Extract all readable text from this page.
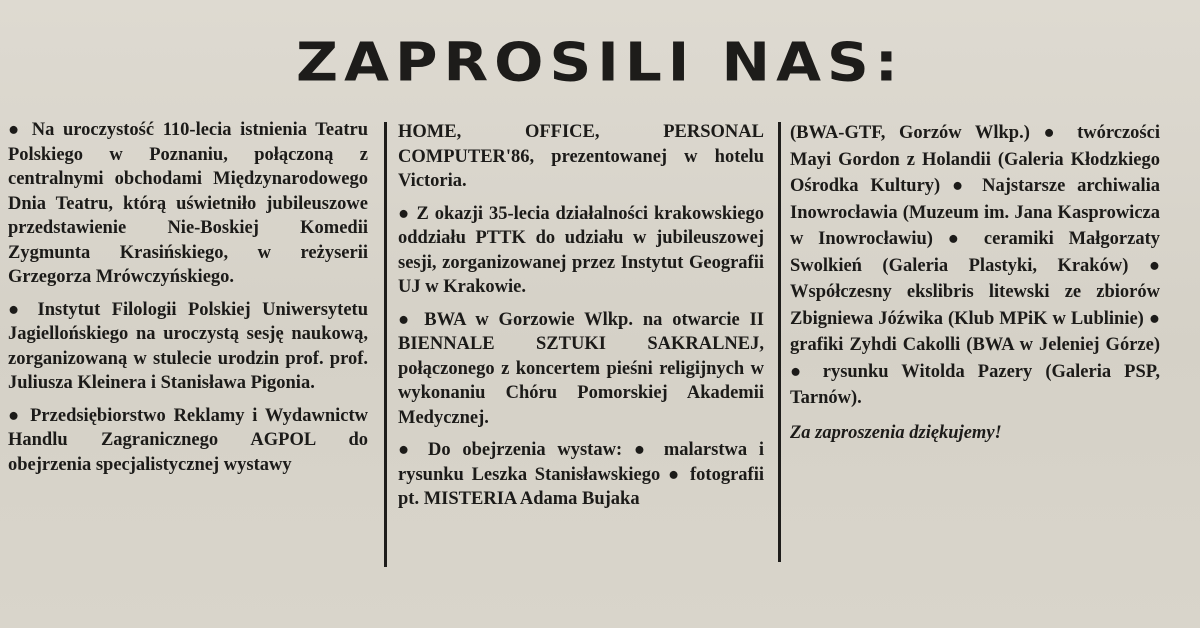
ZAPROSILI NAS:

● Na uroczystość 110-lecia istnienia Teatru Polskiego w Poznaniu, połączoną z centralnymi obchodami Międzynarodowego Dnia Teatru, którą uświetniło jubileuszowe przedstawienie Nie-Boskiej Komedii Zygmunta Krasińskiego, w reżyserii Grzegorza Mrówczyńskiego.

● Instytut Filologii Polskiej Uniwersytetu Jagiellońskiego na uroczystą sesję naukową, zorganizowaną w stulecie urodzin prof. prof. Juliusza Kleinera i Stanisława Pigonia.

● Przedsiębiorstwo Reklamy i Wydawnictw Handlu Zagranicznego AGPOL do obejrzenia specjalistycznej wystawy

HOME, OFFICE, PERSONAL COMPUTER'86, prezentowanej w hotelu Victoria.

● Z okazji 35-lecia działalności krakowskiego oddziału PTTK do udziału w jubileuszowej sesji, zorganizowanej przez Instytut Geografii UJ w Krakowie.

● BWA w Gorzowie Wlkp. na otwarcie II BIENNALE SZTUKI SAKRALNEJ, połączonego z koncertem pieśni religijnych w wykonaniu Chóru Pomorskiej Akademii Medycznej.

● Do obejrzenia wystaw: ● malarstwa i rysunku Leszka Stanisławskiego ● fotografii pt. MISTERIA Adama Bujaka

(BWA-GTF, Gorzów Wlkp.) ● twórczości Mayi Gordon z Holandii (Galeria Kłodzkiego Ośrodka Kultury) ● Najstarsze archiwalia Inowrocławia (Muzeum im. Jana Kasprowicza w Inowrocławiu) ● ceramiki Małgorzaty Swolkień (Galeria Plastyki, Kraków) ● Współczesny ekslibris litewski ze zbiorów Zbigniewa Jóźwika (Klub MPiK w Lublinie) ● grafiki Zyhdi Cakolli (BWA w Jeleniej Górze) ● rysunku Witolda Pazery (Galeria PSP, Tarnów).

Za zaproszenia dziękujemy!
